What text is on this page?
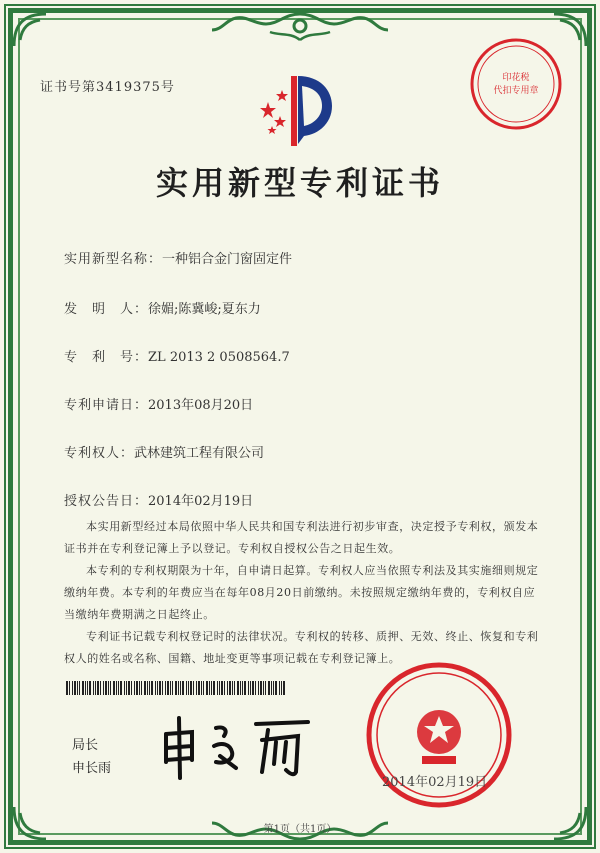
证书号第3419375号
印花税
代扣专用章
实用新型专利证书
实用新型名称：一种铝合金门窗固定件
发　明　人：徐媚;陈冀峻;夏东力
专　利　号：ZL 2013 2 0508564.7
专利申请日：2013年08月20日
专利权人：武林建筑工程有限公司
授权公告日：2014年02月19日

本实用新型经过本局依照中华人民共和国专利法进行初步审查，决定授予专利权，颁发本证书并在专利登记簿上予以登记。专利权自授权公告之日起生效。

本专利的专利权期限为十年，自申请日起算。专利权人应当依照专利法及其实施细则规定缴纳年费。本专利的年费应当在每年08月20日前缴纳。未按照规定缴纳年费的，专利权自应当缴纳年费期满之日起终止。

专利证书记载专利权登记时的法律状况。专利权的转移、质押、无效、终止、恢复和专利权人的姓名或名称、国籍、地址变更等事项记载在专利登记簿上。

局长
申长雨
2014年02月19日
第1页（共1页）
